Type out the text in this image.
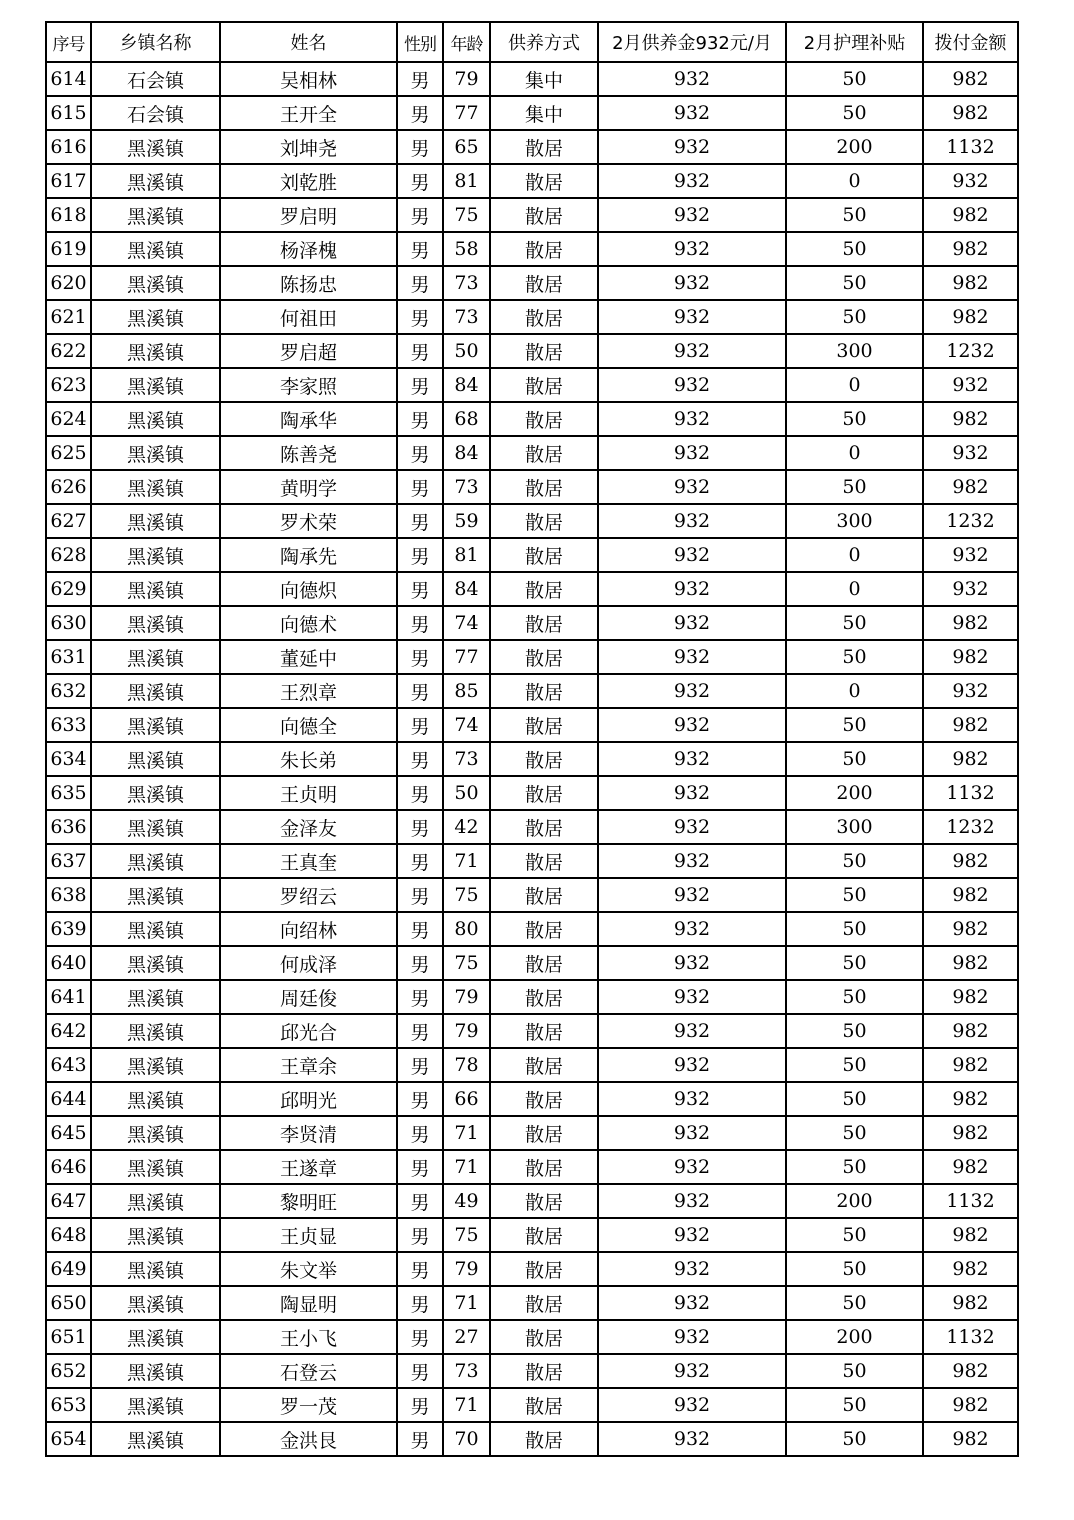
序号	乡镇名称	姓名	性别	年龄	供养方式	2月供养金932元/月	2月护理补贴	拨付金额
614	石会镇	吴相林	男	79	集中	932	50	982
615	石会镇	王开全	男	77	集中	932	50	982
616	黑溪镇	刘坤尧	男	65	散居	932	200	1132
617	黑溪镇	刘乾胜	男	81	散居	932	0	932
618	黑溪镇	罗启明	男	75	散居	932	50	982
619	黑溪镇	杨泽槐	男	58	散居	932	50	982
620	黑溪镇	陈扬忠	男	73	散居	932	50	982
621	黑溪镇	何祖田	男	73	散居	932	50	982
622	黑溪镇	罗启超	男	50	散居	932	300	1232
623	黑溪镇	李家照	男	84	散居	932	0	932
624	黑溪镇	陶承华	男	68	散居	932	50	982
625	黑溪镇	陈善尧	男	84	散居	932	0	932
626	黑溪镇	黄明学	男	73	散居	932	50	982
627	黑溪镇	罗术荣	男	59	散居	932	300	1232
628	黑溪镇	陶承先	男	81	散居	932	0	932
629	黑溪镇	向德炽	男	84	散居	932	0	932
630	黑溪镇	向德术	男	74	散居	932	50	982
631	黑溪镇	董延中	男	77	散居	932	50	982
632	黑溪镇	王烈章	男	85	散居	932	0	932
633	黑溪镇	向德全	男	74	散居	932	50	982
634	黑溪镇	朱长弟	男	73	散居	932	50	982
635	黑溪镇	王贞明	男	50	散居	932	200	1132
636	黑溪镇	金泽友	男	42	散居	932	300	1232
637	黑溪镇	王真奎	男	71	散居	932	50	982
638	黑溪镇	罗绍云	男	75	散居	932	50	982
639	黑溪镇	向绍林	男	80	散居	932	50	982
640	黑溪镇	何成泽	男	75	散居	932	50	982
641	黑溪镇	周廷俊	男	79	散居	932	50	982
642	黑溪镇	邱光合	男	79	散居	932	50	982
643	黑溪镇	王章余	男	78	散居	932	50	982
644	黑溪镇	邱明光	男	66	散居	932	50	982
645	黑溪镇	李贤清	男	71	散居	932	50	982
646	黑溪镇	王遂章	男	71	散居	932	50	982
647	黑溪镇	黎明旺	男	49	散居	932	200	1132
648	黑溪镇	王贞显	男	75	散居	932	50	982
649	黑溪镇	朱文举	男	79	散居	932	50	982
650	黑溪镇	陶显明	男	71	散居	932	50	982
651	黑溪镇	王小飞	男	27	散居	932	200	1132
652	黑溪镇	石登云	男	73	散居	932	50	982
653	黑溪镇	罗一茂	男	71	散居	932	50	982
654	黑溪镇	金洪艮	男	70	散居	932	50	982
